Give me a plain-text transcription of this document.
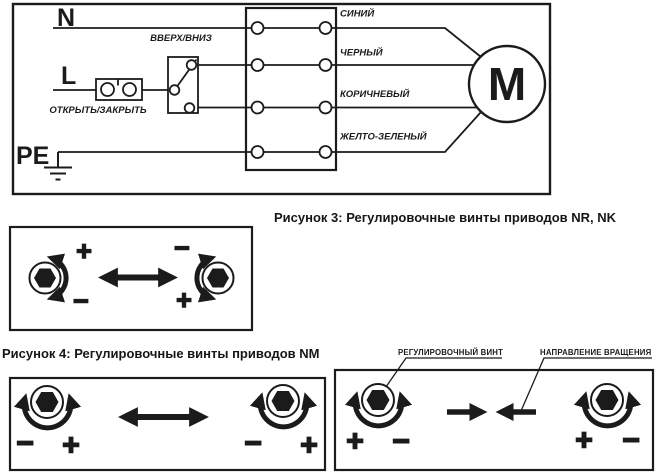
M
N
L
PE
ВВЕРХ/ВНИЗ
ОТКРЫТЬ/ЗАКРЫТЬ
СИНИЙ
ЧЕРНЫЙ
КОРИЧНЕВЫЙ
ЖЕЛТО-ЗЕЛЕНЫЙ
Рисунок 3: Регулировочные винты приводов NR, NK
+
−
−
+
Рисунок 4: Регулировочные винты приводов NM
− +	− +
РЕГУЛИРОВОЧНЫЙ ВИНТ	НАПРАВЛЕНИЕ ВРАЩЕНИЯ
+ −	+ −
